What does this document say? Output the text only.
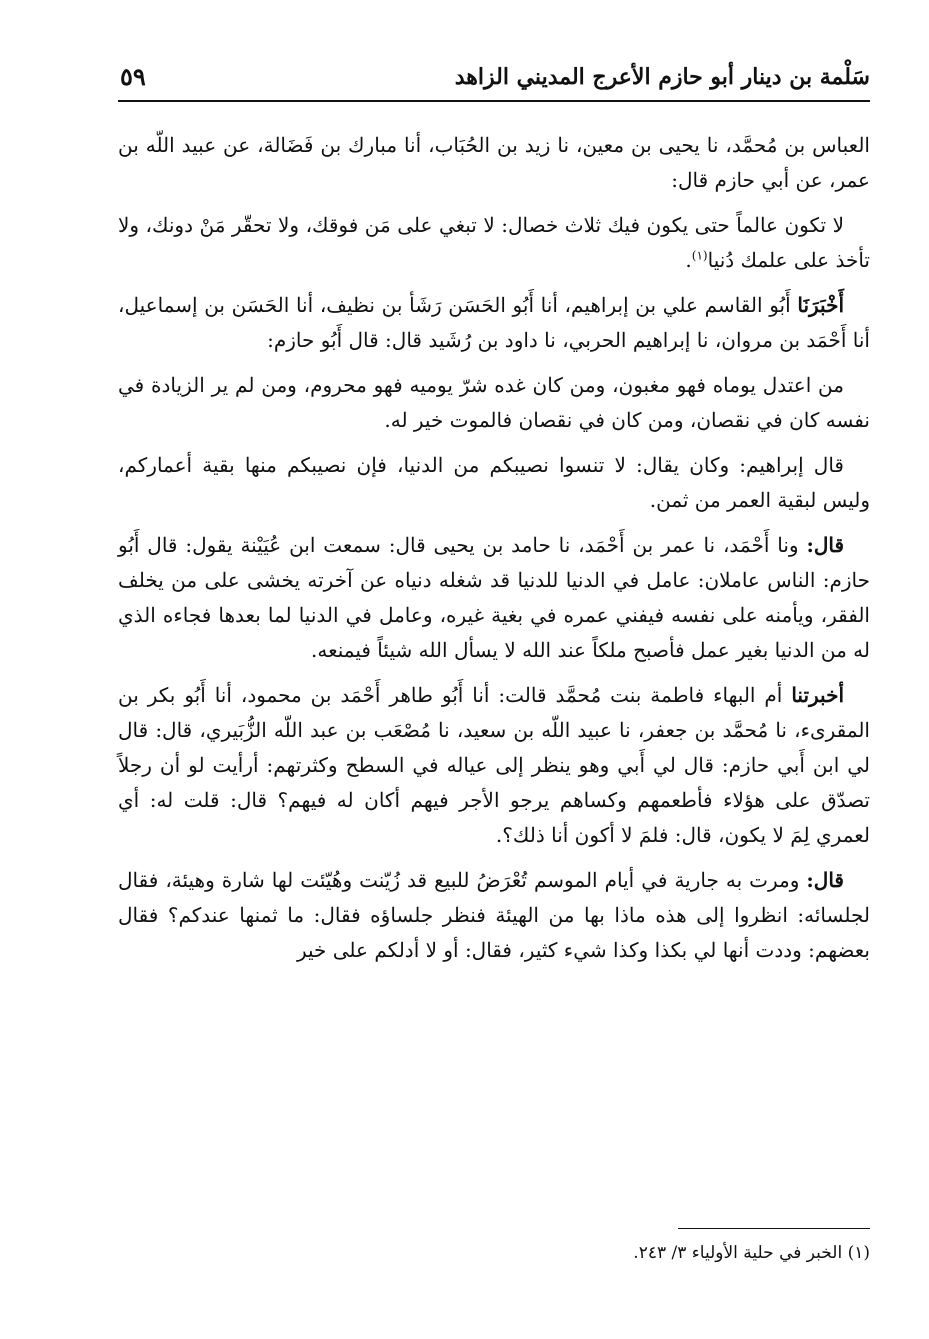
سَلْمة بن دينار أبو حازم الأعرج المديني الزاهد
٥٩

العباس بن مُحمَّد، نا يحيى بن معين، نا زيد بن الحُبَاب، أنا مبارك بن فَضَالة، عن عبيد اللّه بن عمر، عن أبي حازم قال:

لا تكون عالماً حتى يكون فيك ثلاث خصال: لا تبغي على مَن فوقك، ولا تحقّر مَنْ دونك، ولا تأخذ على علمك دُنيا$^{(١)}$.

أَخْبَرَنَا أَبُو القاسم علي بن إبراهيم، أنا أَبُو الحَسَن رَشَأ بن نظيف، أنا الحَسَن بن إسماعيل، أنا أَحْمَد بن مروان، نا إبراهيم الحربي، نا داود بن رُشَيد قال: قال أَبُو حازم:

من اعتدل يوماه فهو مغبون، ومن كان غده شرّ يوميه فهو محروم، ومن لم ير الزيادة في نفسه كان في نقصان، ومن كان في نقصان فالموت خير له.

قال إبراهيم: وكان يقال: لا تنسوا نصيبكم من الدنيا، فإن نصيبكم منها بقية أعماركم، وليس لبقية العمر من ثمن.

قال: ونا أَحْمَد، نا عمر بن أَحْمَد، نا حامد بن يحيى قال: سمعت ابن عُيَيْنة يقول: قال أَبُو حازم: الناس عاملان: عامل في الدنيا للدنيا قد شغله دنياه عن آخرته يخشى على من يخلف الفقر، ويأمنه على نفسه فيفني عمره في بغية غيره، وعامل في الدنيا لما بعدها فجاءه الذي له من الدنيا بغير عمل فأصبح ملكاً عند الله لا يسأل الله شيئاً فيمنعه.

أخبرتنا أم البهاء فاطمة بنت مُحمَّد قالت: أنا أَبُو طاهر أَحْمَد بن محمود، أنا أَبُو بكر بن المقرىء، نا مُحمَّد بن جعفر، نا عبيد اللّه بن سعيد، نا مُصْعَب بن عبد اللّه الزُّبَيري، قال: قال لي ابن أَبي حازم: قال لي أَبي وهو ينظر إلى عياله في السطح وكثرتهم: أرأيت لو أن رجلاً تصدّق على هؤلاء فأطعمهم وكساهم يرجو الأجر فيهم أكان له فيهم؟ قال: قلت له: أي لعمري لِمَ لا يكون، قال: فلمَ لا أكون أنا ذلك؟.

قال: ومرت به جارية في أيام الموسم تُعْرَضُ للبيع قد زُيّنت وهُيّئت لها شارة وهيئة، فقال لجلسائه: انظروا إلى هذه ماذا بها من الهيئة فنظر جلساؤه فقال: ما ثمنها عندكم؟ فقال بعضهم: وددت أنها لي بكذا وكذا شيء كثير، فقال: أو لا أدلكم على خير

(١) الخبر في حلية الأولياء ٣/ ٢٤٣.
